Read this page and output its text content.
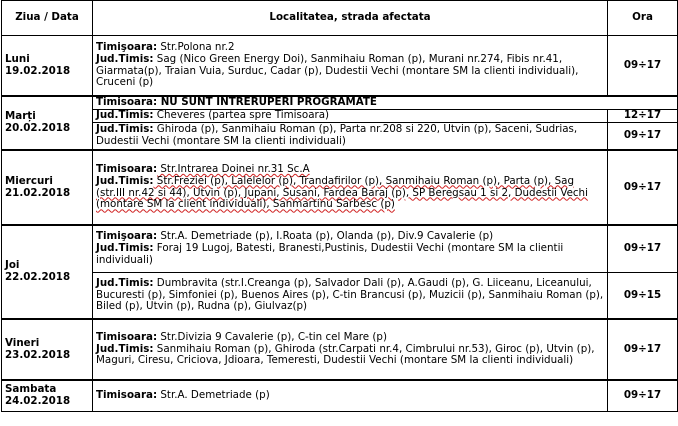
Ziua / Data	Localitatea, strada afectata	Ora

Luni
19.02.2018	Timişoara: Str.Polona nr.2
Jud.Timis: Sag (Nico Green Energy Doi), Sanmihaiu Roman (p), Murani nr.274, Fibis nr.41, Giarmata(p), Traian Vuia, Surduc, Cadar (p), Dudestii Vechi (montare SM la clienti individuali), Cruceni (p)	09÷17

Marți
20.02.2018	Timisoara: NU SUNT INTRERUPERI PROGRAMATE	
	Jud.Timis: Cheveres (partea spre Timisoara)	12÷17
	Jud.Timis: Ghiroda (p), Sanmihaiu Roman (p), Parta nr.208 si 220, Utvin (p), Saceni, Sudrias, Dudestii Vechi (montare SM la clienti individuali)	09÷17

Miercuri
21.02.2018	Timisoara: Str.Intrarea Doinei nr.31 Sc.A
Jud.Timis: Str.Freziei (p), Lalelelor (p), Trandafirilor (p), Sanmihaiu Roman (p), Parta (p), Sag (str.III nr.42 si 44), Utvin (p), Jupani, Susani, Fardea Baraj (p), SP Beregsau 1 si 2, Dudestii Vechi (montare SM la client individuali), Sanmartinu Sarbesc (p)	09÷17

Joi
22.02.2018	Timişoara: Str.A. Demetriade (p), I.Roata (p), Olanda (p), Div.9 Cavalerie (p)
Jud.Timis: Foraj 19 Lugoj, Batesti, Branesti,Pustinis, Dudestii Vechi (montare SM la clientii individuali)	09÷17
	Jud.Timis: Dumbravita (str.I.Creanga (p), Salvador Dali (p), A.Gaudi (p), G. Liiceanu, Liceanului, Bucuresti (p), Simfoniei (p), Buenos Aires (p), C-tin Brancusi (p), Muzicii (p), Sanmihaiu Roman (p), Biled (p), Utvin (p), Rudna (p), Giulvaz(p)	09÷15

Vineri
23.02.2018	Timisoara: Str.Divizia 9 Cavalerie (p), C-tin cel Mare (p)
Jud.Timis: Sanmihaiu Roman (p), Ghiroda (str.Carpati nr.4, Cimbrului nr.53), Giroc (p), Utvin (p), Maguri, Ciresu, Criciova, Jdioara, Temeresti, Dudestii Vechi (montare SM la clienti individuali)	09÷17

Sambata
24.02.2018	Timisoara: Str.A. Demetriade (p)	09÷17
